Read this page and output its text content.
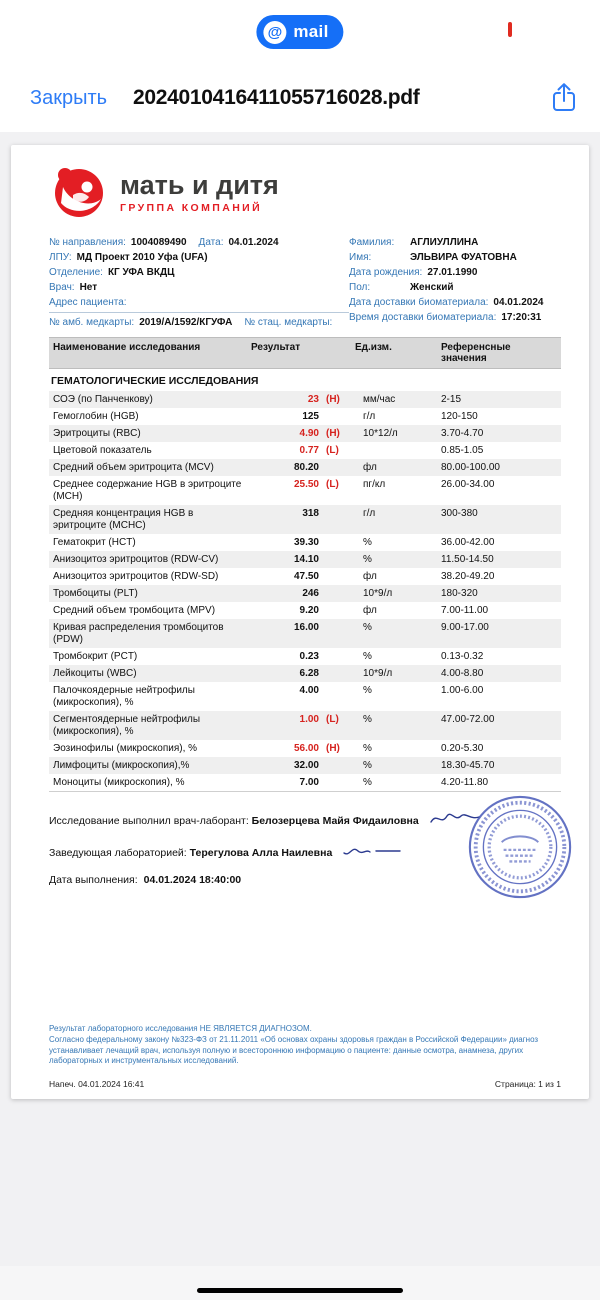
@ mail
Закрыть 2024010416411055716028.pdf
мать и дитя
ГРУППА КОМПАНИЙ
№ направления: 1004089490 Дата: 04.01.2024
ЛПУ: МД Проект 2010 Уфа (UFA)
Отделение: КГ УФА ВКДЦ
Врач: Нет
Адрес пациента:
№ амб. медкарты: 2019/А/1592/КГУФА № стац. медкарты:
Фамилия:	АГЛИУЛЛИНА
Имя:	ЭЛЬВИРА ФУАТОВНА
Дата рождения: 27.01.1990
Пол:	Женский
Дата доставки биоматериала: 04.01.2024
Время доставки биоматериала: 17:20:31
Наименование исследования	Результат	Ед.изм.	Референсные значения
ГЕМАТОЛОГИЧЕСКИЕ ИССЛЕДОВАНИЯ
СОЭ (по Панченкову)	23 (Н)	мм/час	2-15
Гемоглобин (HGB)	125	г/л	120-150
Эритроциты (RBC)	4.90 (Н)	10*12/л	3.70-4.70
Цветовой показатель	0.77 (L)	0.85-1.05
Средний объем эритроцита (MCV)	80.20	фл	80.00-100.00
Среднее содержание HGB в эритроците (MCH)
25.50 (L)	пг/кл	26.00-34.00
Средняя концентрация HGB в эритроците (MCHC)
318	г/л	300-380
Гематокрит (HCT)	39.30	%	36.00-42.00
Анизоцитоз эритроцитов (RDW-CV)	14.10	%	11.50-14.50
Анизоцитоз эритроцитов (RDW-SD)	47.50	фл	38.20-49.20
Тромбоциты (PLT)	246	10*9/л	180-320
Средний объем тромбоцита (MPV)	9.20	фл	7.00-11.00
Кривая распределения тромбоцитов (PDW)
16.00	%	9.00-17.00
Тромбокрит (PCT)	0.23	%	0.13-0.32
Лейкоциты (WBC)	6.28	10*9/л	4.00-8.80
Палочкоядерные нейтрофилы (микроскопия), %
4.00	%	1.00-6.00
Сегментоядерные нейтрофилы (микроскопия), %
1.00 (L)	%	47.00-72.00
Эозинофилы (микроскопия), %	56.00 (Н)	%	0.20-5.30
Лимфоциты (микроскопия),%	32.00	%	18.30-45.70
Моноциты (микроскопия), %	7.00	%	4.20-11.80
Исследование выполнил врач-лаборант: Белозерцева Майя Фидаиловна
Заведующая лабораторией: Терегулова Алла Наилевна
Дата выполнения: 04.01.2024 18:40:00
Результат лабораторного исследования НЕ ЯВЛЯЕТСЯ ДИАГНОЗОМ.
Согласно федеральному закону №323-ФЗ от 21.11.2011 «Об основах охраны здоровья граждан в Российской Федерации» диагноз устанавливает лечащий врач, используя полную и всестороннюю информацию о пациенте: данные осмотра, анамнеза, других лабораторных и инструментальных исследований.
Напеч. 04.01.2024 16:41	Страница: 1 из 1
